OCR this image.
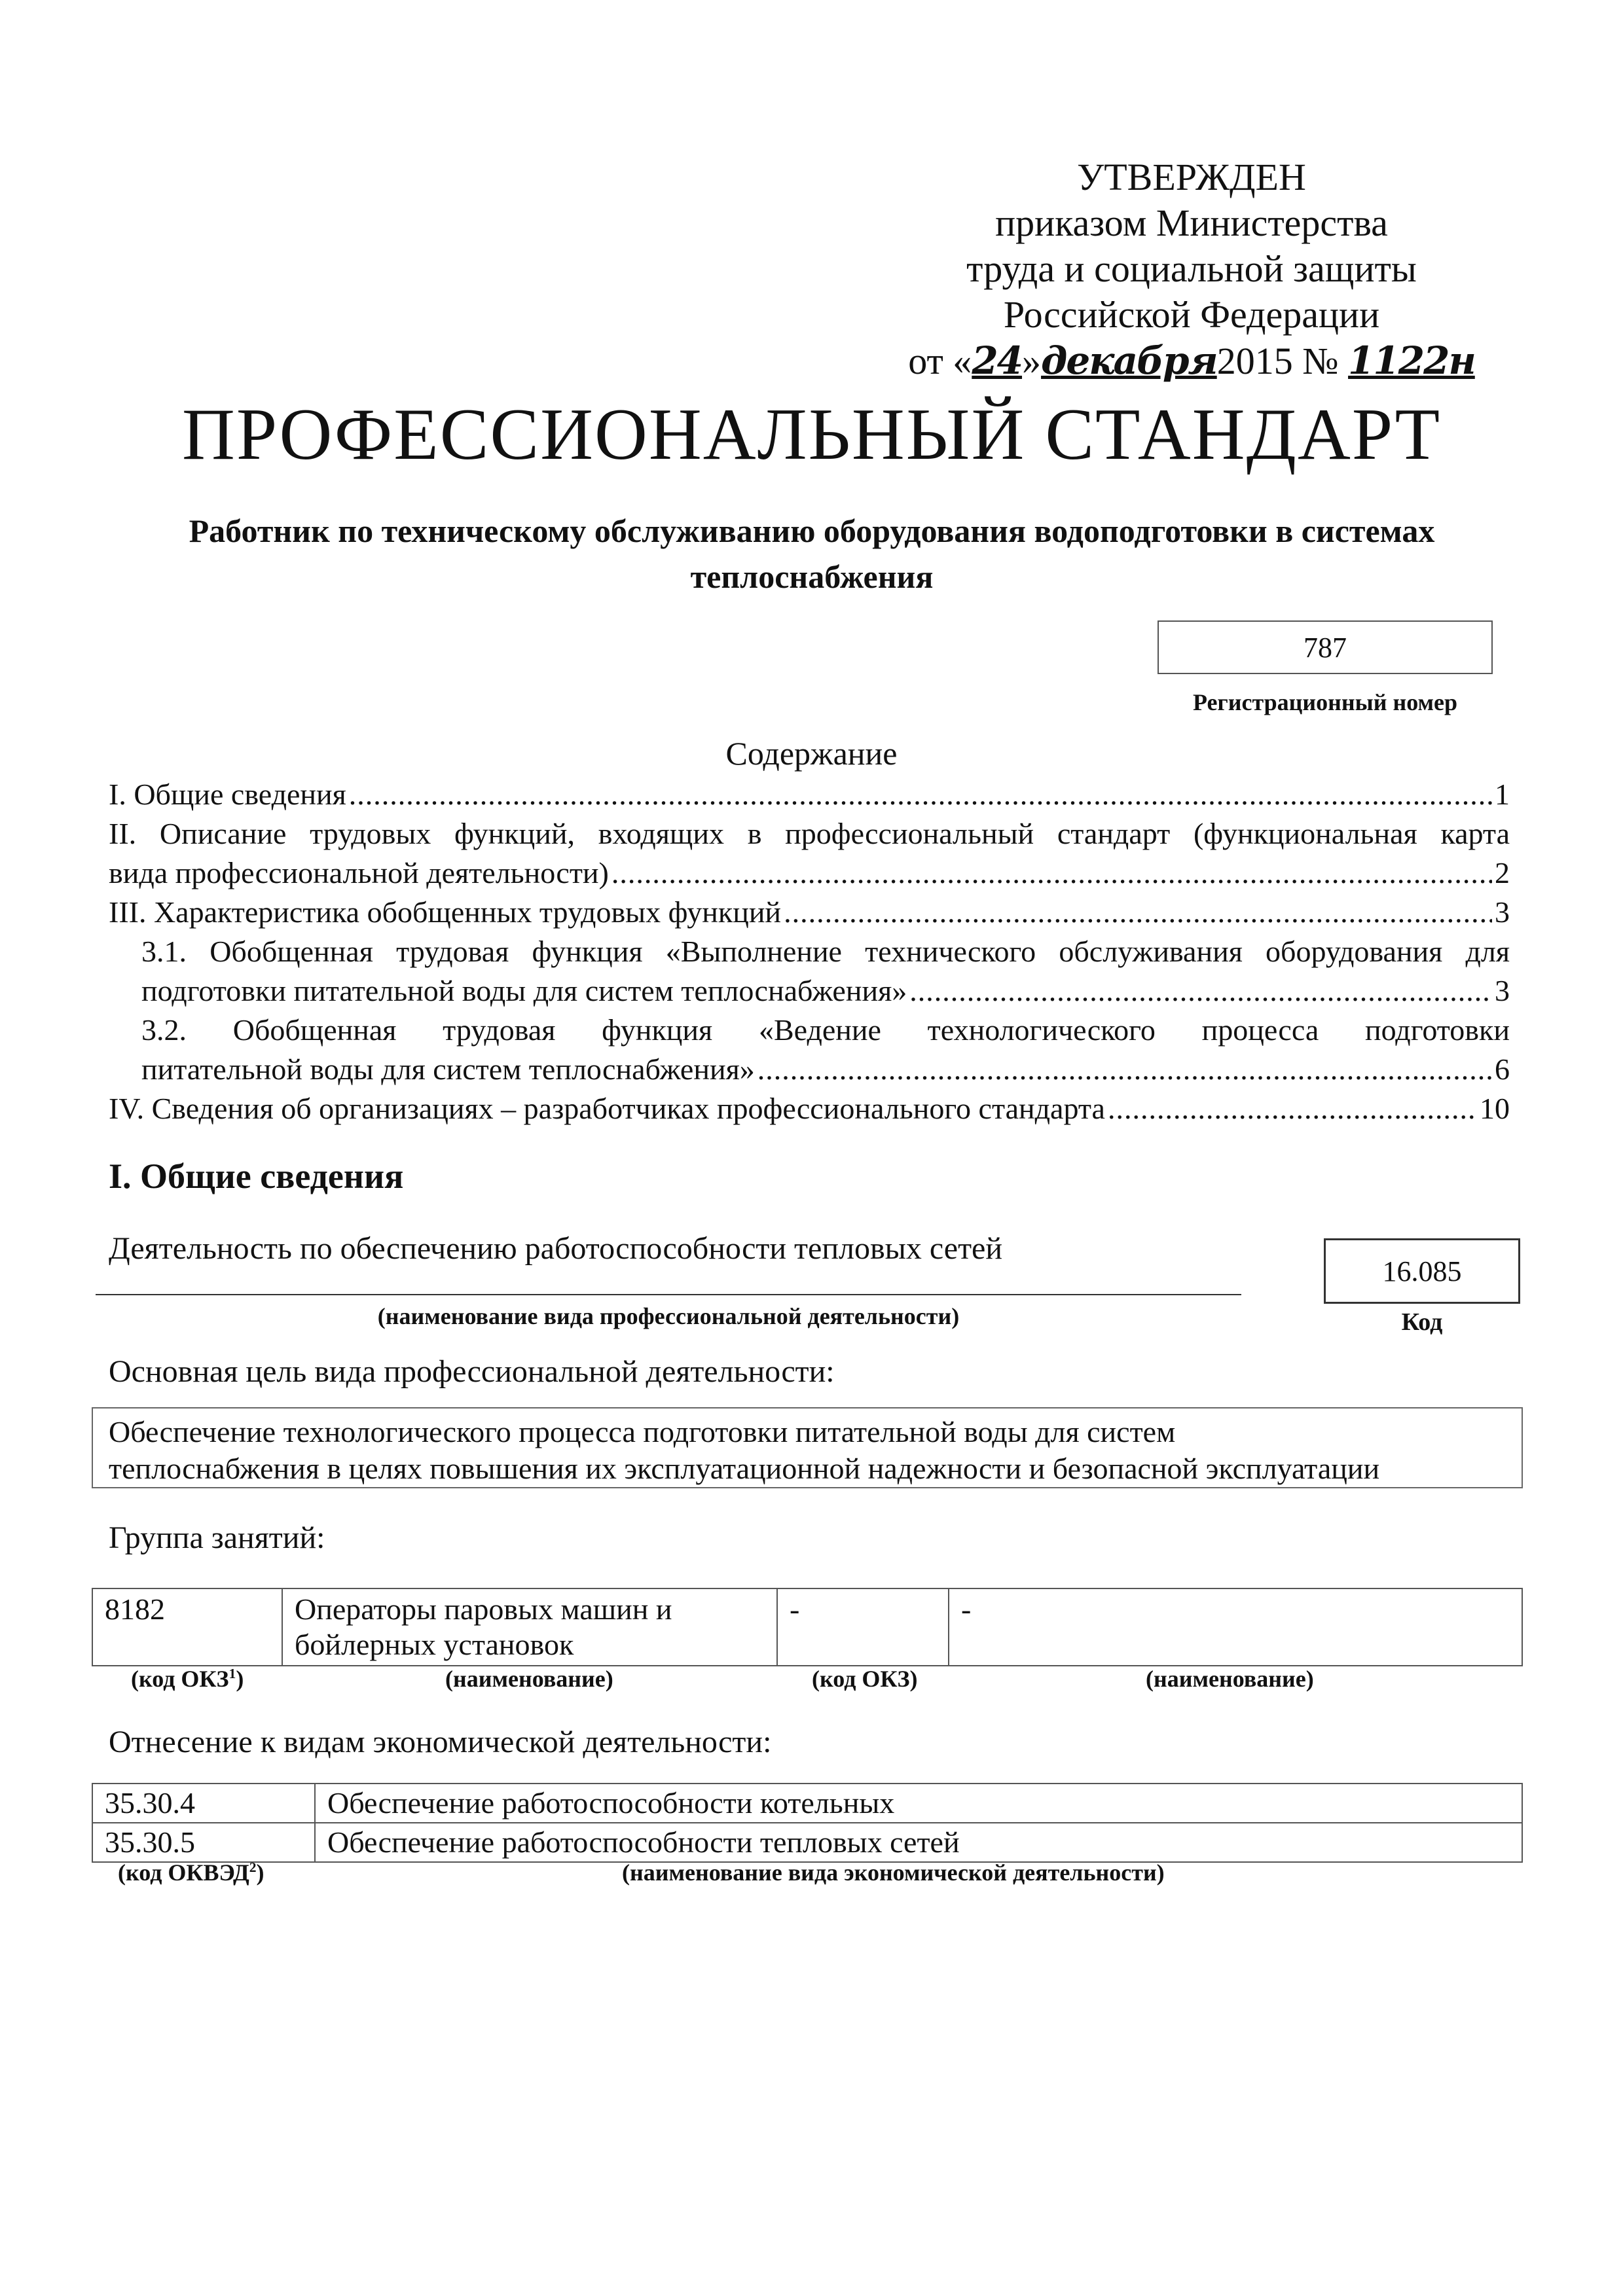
УТВЕРЖДЕН
приказом Министерства
труда и социальной защиты
Российской Федерации
от «24»декабря2015 № 1122н
ПРОФЕССИОНАЛЬНЫЙ СТАНДАРТ
Работник по техническому обслуживанию оборудования водоподготовки в системах теплоснабжения
787
Регистрационный номер
Содержание
I. Общие сведения .....	1
II. Описание трудовых функций, входящих в профессиональный стандарт (функциональная карта
вида профессиональной деятельности) .....	2
III. Характеристика обобщенных трудовых функций .....	3
3.1. Обобщенная трудовая функция «Выполнение технического обслуживания оборудования для
подготовки питательной воды для систем теплоснабжения» .....	3
3.2. Обобщенная трудовая функция «Ведение технологического процесса подготовки
питательной воды для систем теплоснабжения» .....	6
IV. Сведения об организациях – разработчиках профессионального стандарта .....	10
I. Общие сведения
Деятельность по обеспечению работоспособности тепловых сетей
(наименование вида профессиональной деятельности)
16.085
Код
Основная цель вида профессиональной деятельности:
Обеспечение технологического процесса подготовки питательной воды для систем
теплоснабжения в целях повышения их эксплуатационной надежности и безопасной эксплуатации
Группа занятий:
8182	Операторы паровых машин и бойлерных установок	-	-
(код ОКЗ$^1$)	(наименование)	(код ОКЗ)	(наименование)
Отнесение к видам экономической деятельности:
35.30.4	Обеспечение работоспособности котельных
35.30.5	Обеспечение работоспособности тепловых сетей
(код ОКВЭД$^2$)	(наименование вида экономической деятельности)
